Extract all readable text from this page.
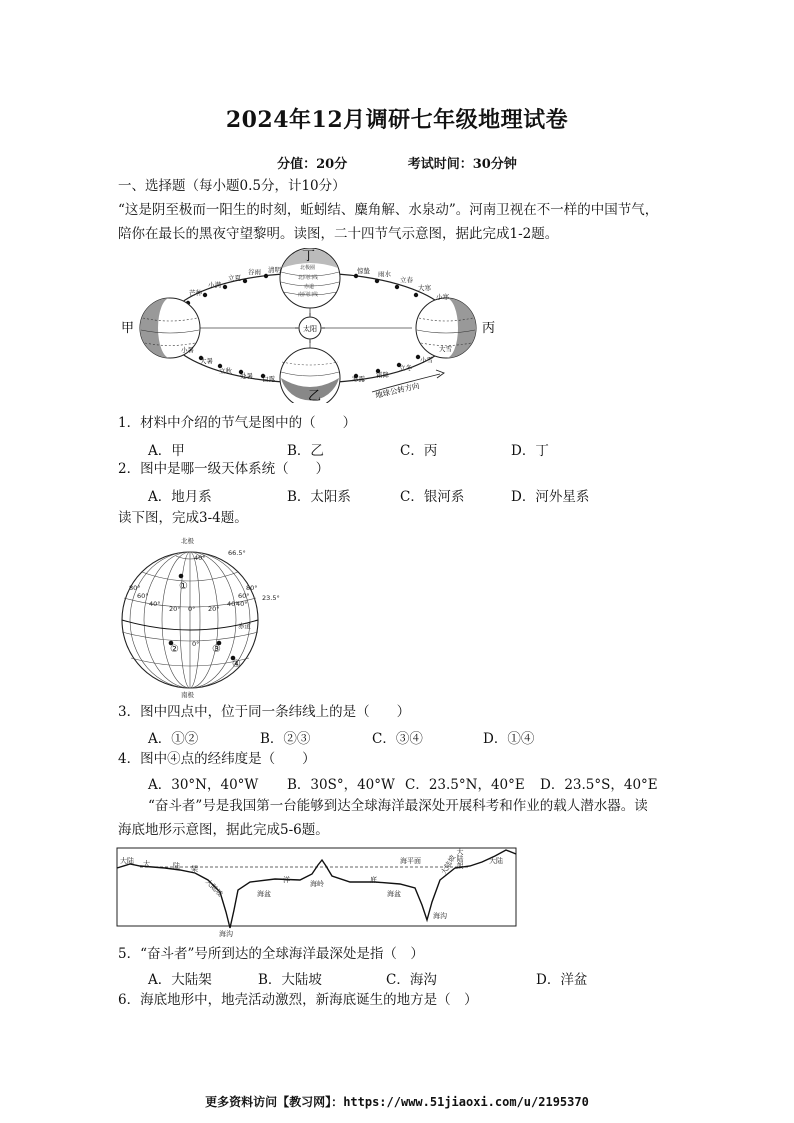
2024年12月调研七年级地理试卷
分值：20分	考试时间：30分钟
一、选择题（每小题0.5分，计10分）
“这是阴至极而一阳生的时刻，蚯蚓结、麋角解、水泉动”。河南卫视在不一样的中国节气，
陪你在最长的黑夜守望黎明。读图，二十四节气示意图，据此完成1-2题。
太阳
甲
乙
丙
丁
北极圈
北回归线
赤道
南回归线
芒种
小满
立夏
谷雨 清明	惊蛰 雨水
立春
大寒
小寒
小暑
大暑
立秋
处暑 白露	寒露 霜降
立冬
小雪
大雪
地球公转方向
1．材料中介绍的节气是图中的（　　）
A．甲	B．乙	C．丙	D．丁
2．图中是哪一级天体系统（　　）
A．地月系	B．太阳系	C．银河系	D．河外星系
读下图，完成3-4题。
北极
南极
66.5°
23.5°
赤道
40°
0°
80°
60°
40°
20° 0° 20°
40°
60°
80°
40°
①
②	③
④
3．图中四点中，位于同一条纬线上的是（　　）
A．①②	B．②③	C．③④	D．①④
4．图中④点的经纬度是（　　）
A．30°N，40°W B．30S°，40°W C．23.5°N，40°E D．23.5°S，40°E
“奋斗者”号是我国第一台能够到达全球海洋最深处开展科考和作业的载人潜水器。读
海底地形示意图，据此完成5-6题。
大陆 大	陆 架
大陆坡
海平面
洋	底
海岭
海盆	海盆
海沟
海沟
大陆
大陆架
大陆坡
5．“奋斗者”号所到达的全球海洋最深处是指（　）
A．大陆架	B．大陆坡	C．海沟	D．洋盆
6．海底地形中，地壳活动激烈，新海底诞生的地方是（　）
更多资料访问【教习网】：https://www.51jiaoxi.com/u/2195370
